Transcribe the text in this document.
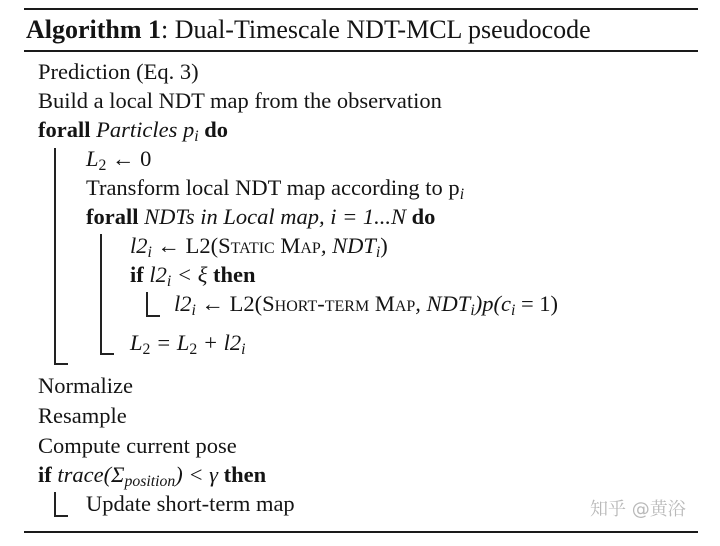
Algorithm 1: Dual-Timescale NDT-MCL pseudocode
Prediction (Eq. 3)
Build a local NDT map from the observation
forall Particles $p_i$ do
$L_2$ ← 0
Transform local NDT map according to $p_i$
forall NDTs in Local map, i = 1...N do
$l2_i$ ← L2(Static Map, $NDT_i$)
if $l2_i < \xi$ then
$l2_i$ ← L2(Short-term Map, $NDT_i)p(c_i = 1)$
$L_2 = L_2 + l2_i$
Normalize
Resample
Compute current pose
if $trace(\Sigma_{position}) < \gamma$ then
Update short-term map	知乎 @黄浴
